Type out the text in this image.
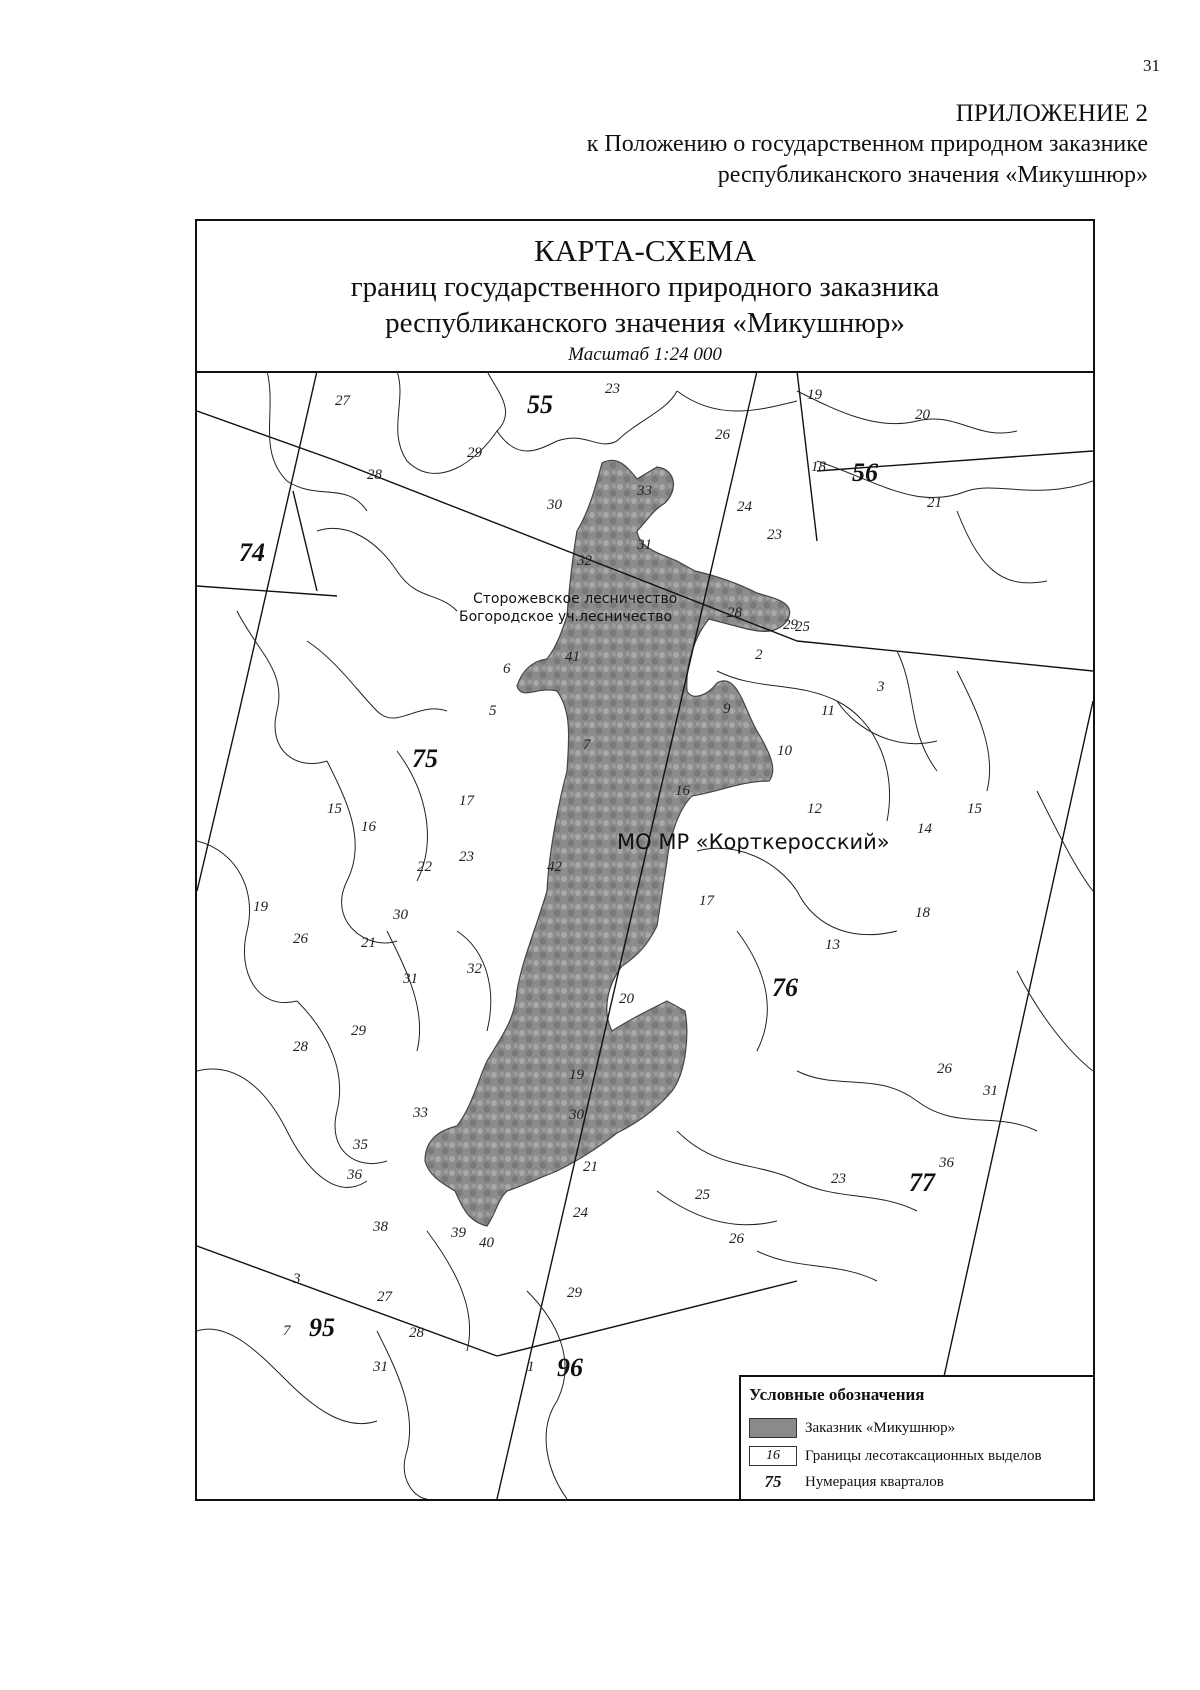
31
ПРИЛОЖЕНИЕ 2
к Положению о государственном природном заказнике
республиканского значения «Микушнюр»
КАРТА-СХЕМА
границ государственного природного заказника
республиканского значения «Микушнюр»
Масштаб 1:24 000
Сторожевское лесничество
Богородское уч.лесничество
МО МР «Корткеросский»
55
56
74
75
76
77
95
96
27
23	19
20
29
26
18
21
28
33
30	24
23
31
32
28
25
29
2
41
6
5	9	11
3
7	10
16
12
14
15
17
15
16
23
22	42
17
18
13
19	30
26	21
32
20
31
29
28
19	26
31
30
33
35
36	21
23
36
25
24
38	39
40	26
29
27
28
31	1
7
3
Условные обозначения
Заказник «Микушнюр»
16	Границы лесотаксационных выделов
75	Нумерация кварталов
